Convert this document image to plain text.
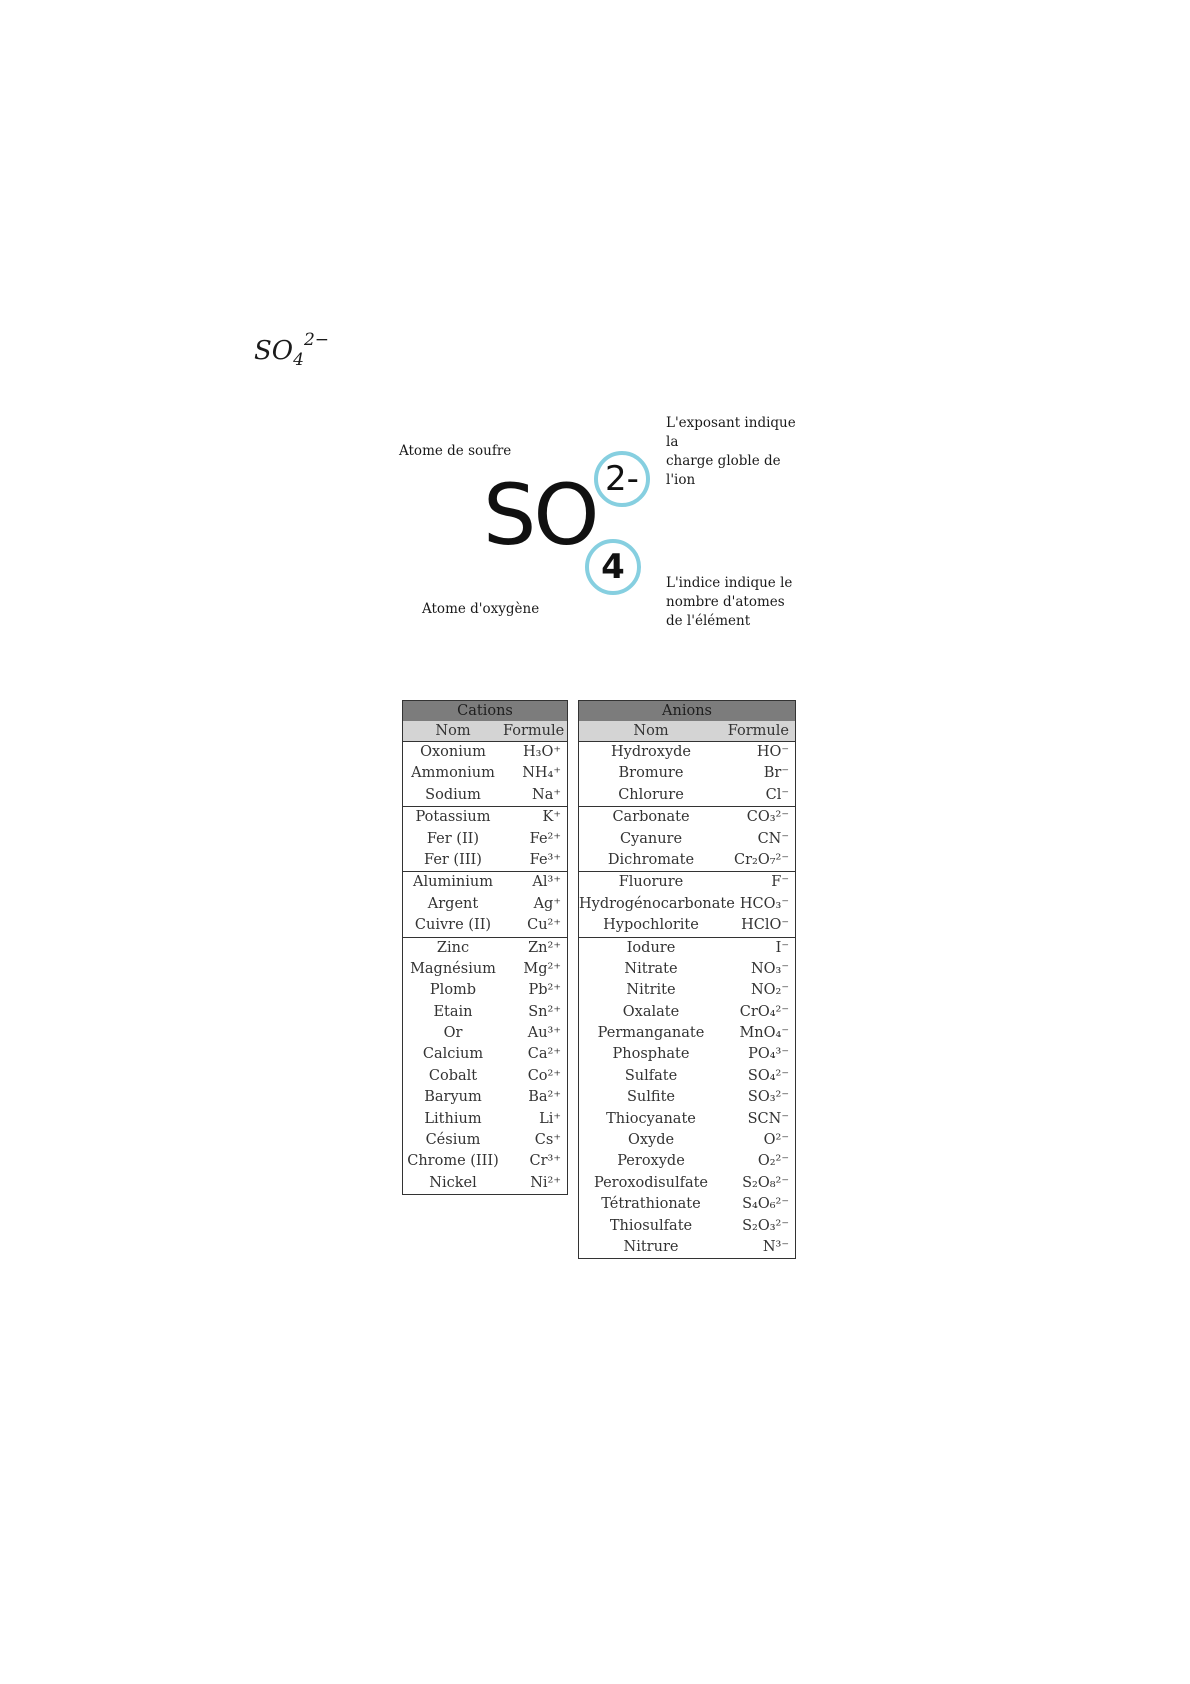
$SO_4^{2-}$
Atome de soufre
Atome d'oxygène
L'exposant indique la
charge globle de l'ion
L'indice indique le
nombre d'atomes
de l'élément
SO 2-
4
Cations
Nom	Formule
Oxonium	H₃O⁺
Ammonium	NH₄⁺
Sodium	Na⁺
Potassium	K⁺
Fer (II)	Fe²⁺
Fer (III)	Fe³⁺
Aluminium	Al³⁺
Argent	Ag⁺
Cuivre (II)	Cu²⁺
Zinc	Zn²⁺
Magnésium	Mg²⁺
Plomb	Pb²⁺
Etain	Sn²⁺
Or	Au³⁺
Calcium	Ca²⁺
Cobalt	Co²⁺
Baryum	Ba²⁺
Lithium	Li⁺
Césium	Cs⁺
Chrome (III)	Cr³⁺
Nickel	Ni²⁺
Anions
Nom	Formule
Hydroxyde	HO⁻
Bromure	Br⁻
Chlorure	Cl⁻
Carbonate	CO₃²⁻
Cyanure	CN⁻
Dichromate	Cr₂O₇²⁻
Fluorure	F⁻
Hydrogénocarbonate HCO₃⁻
Hypochlorite	HClO⁻
Iodure	I⁻
Nitrate	NO₃⁻
Nitrite	NO₂⁻
Oxalate	CrO₄²⁻
Permanganate	MnO₄⁻
Phosphate	PO₄³⁻
Sulfate	SO₄²⁻
Sulfite	SO₃²⁻
Thiocyanate	SCN⁻
Oxyde	O²⁻
Peroxyde	O₂²⁻
Peroxodisulfate	S₂O₈²⁻
Tétrathionate	S₄O₆²⁻
Thiosulfate	S₂O₃²⁻
Nitrure	N³⁻
